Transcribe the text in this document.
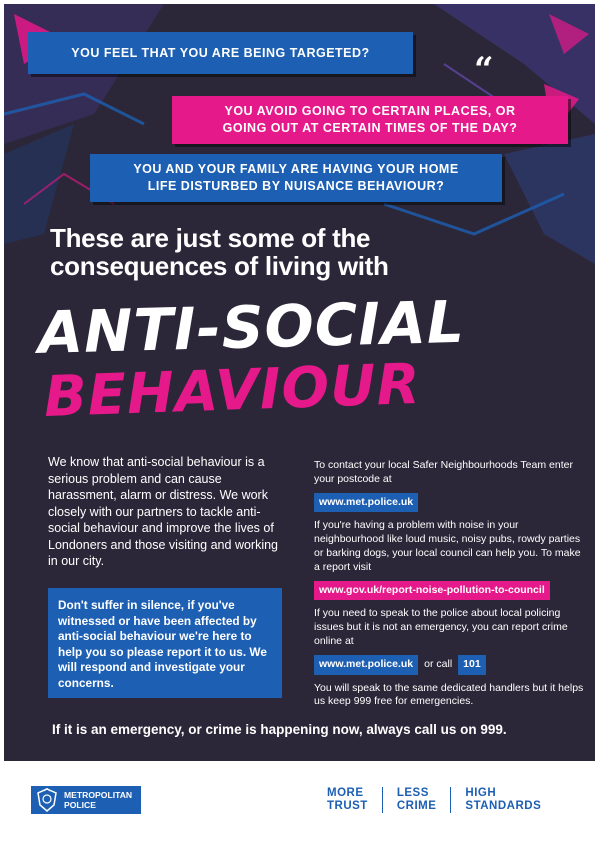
YOU FEEL THAT YOU ARE BEING TARGETED?
YOU AVOID GOING TO CERTAIN PLACES, OR
GOING OUT AT CERTAIN TIMES OF THE DAY?
YOU AND YOUR FAMILY ARE HAVING YOUR HOME
LIFE DISTURBED BY NUISANCE BEHAVIOUR?
“
These are just some of the
consequences of living with
ANTI-SOCIAL
BEHAVIOUR
We know that anti-social behaviour is a serious problem and can cause harassment, alarm or distress. We work closely with our partners to tackle anti-social behaviour and improve the lives of Londoners and those visiting and working in our city.
Don't suffer in silence, if you've witnessed or have been affected by anti-social behaviour we're here to help you so please report it to us. We will respond and investigate your concerns.

To contact your local Safer Neighbourhoods Team enter your postcode at

www.met.police.uk

If you're having a problem with noise in your neighbourhood like loud music, noisy pubs, rowdy parties or barking dogs, your local council can help you. To make a report visit

www.gov.uk/report-noise-pollution-to-council

If you need to speak to the police about local policing issues but it is not an emergency, you can report crime online at

www.met.police.uk	or call	101

You will speak to the same dedicated handlers but it helps us keep 999 free for emergencies.

If it is an emergency, or crime is happening now, always call us on 999.
METROPOLITAN
POLICE
MORE
TRUST
LESS
CRIME
HIGH
STANDARDS
